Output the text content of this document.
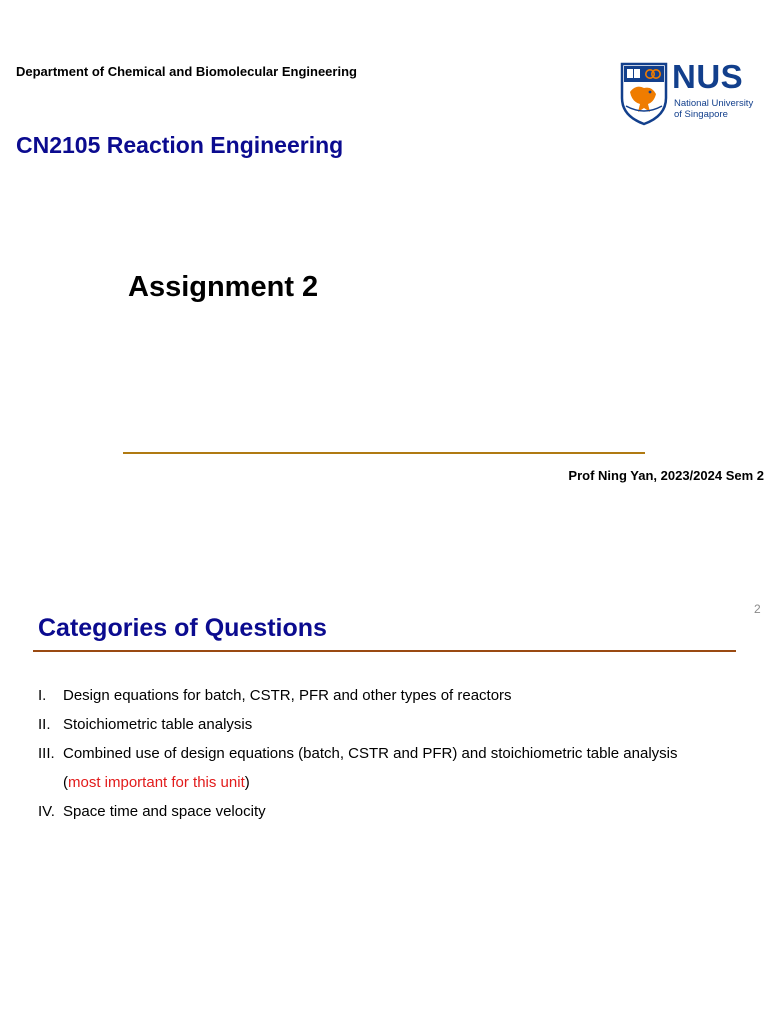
Department of Chemical and Biomolecular Engineering
CN2105 Reaction Engineering
NUS
National University
of Singapore
Assignment 2
Prof Ning Yan, 2023/2024 Sem 2
2
Categories of Questions
I.	Design equations for batch, CSTR, PFR and other types of reactors
II. Stoichiometric table analysis
III. Combined use of design equations (batch, CSTR and PFR) and stoichiometric table analysis
(most important for this unit)
IV. Space time and space velocity
